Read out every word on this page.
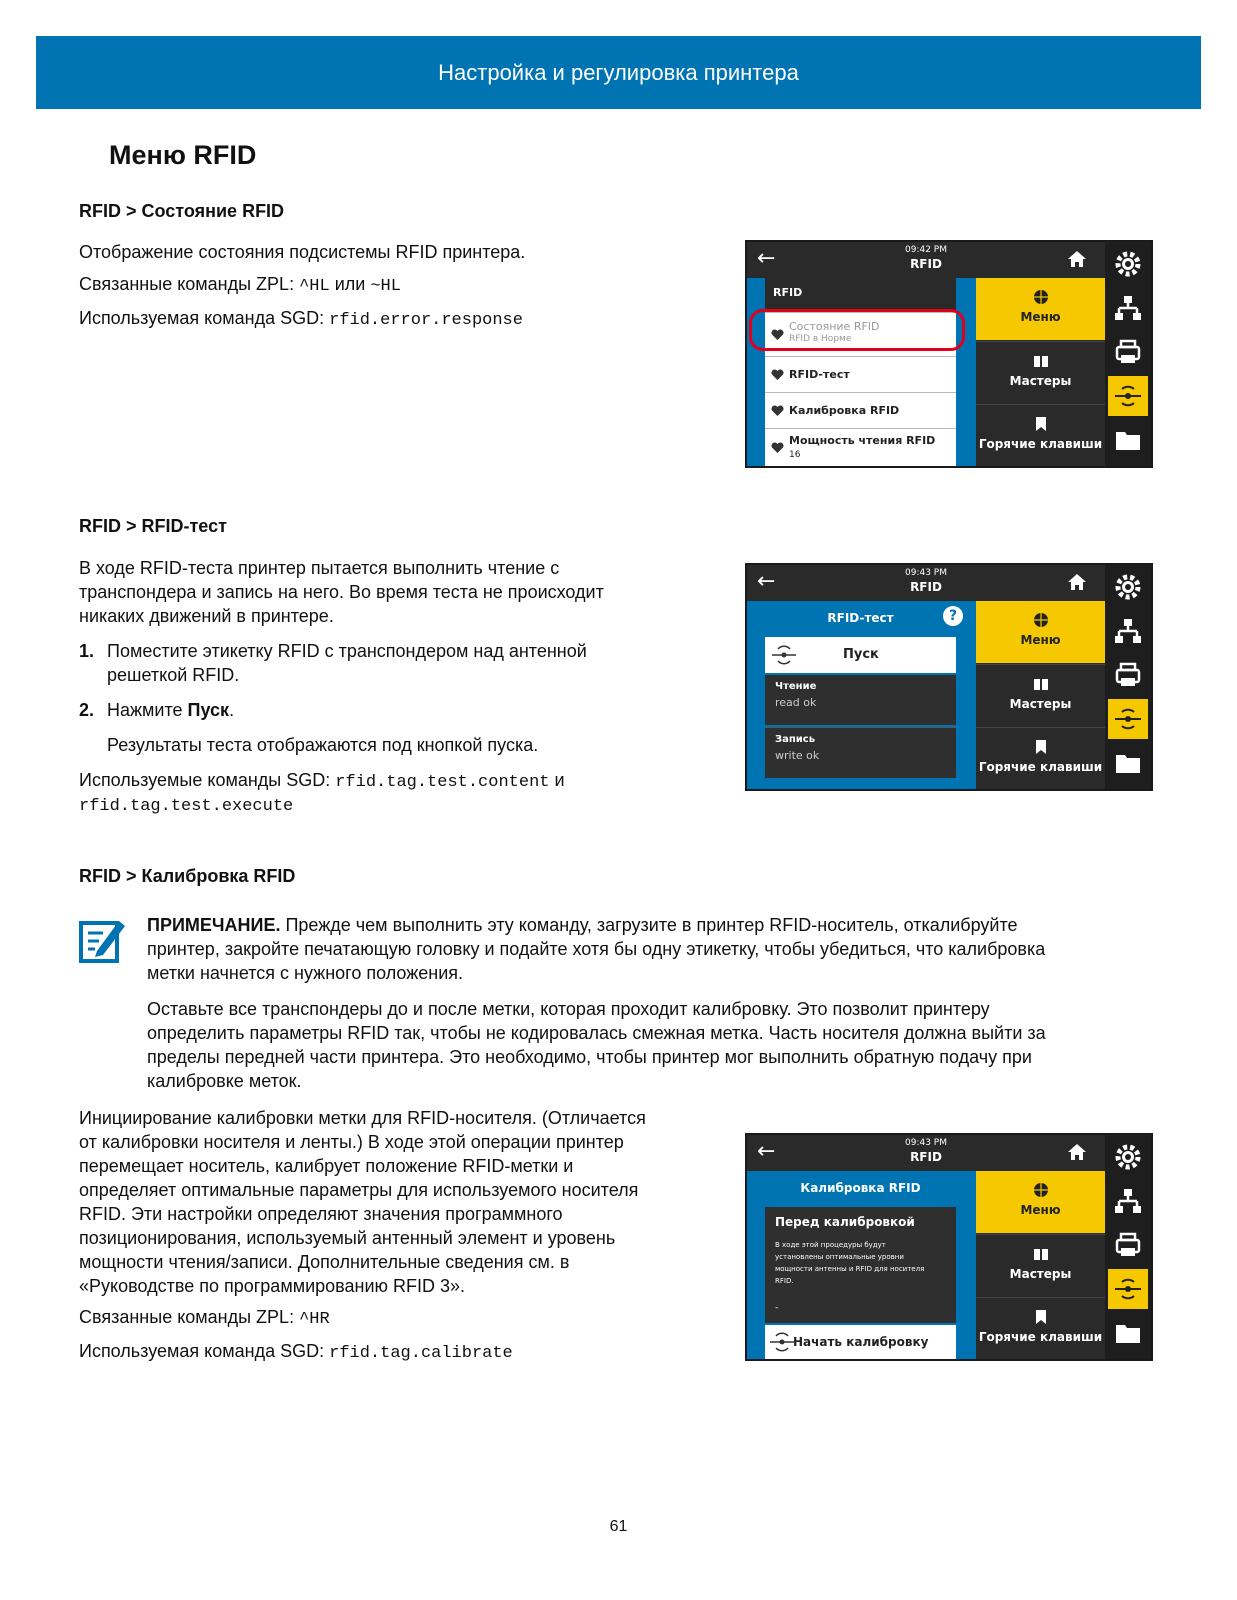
Настройка и регулировка принтера
Меню RFID
RFID > Состояние RFID

Отображение состояния подсистемы RFID принтера.

Связанные команды ZPL: ^HL или ~HL

Используемая команда SGD: rfid.error.response

←	09:42 PM
RFID
RFID
Состояние RFID
RFID в Норме
RFID-тест
Калибровка RFID
Мощность чтения RFID
16
Меню
Мастеры
Горячие клавиши
RFID > RFID-тест

В ходе RFID-теста принтер пытается выполнить чтение с

транспондера и запись на него. Во время теста не происходит

никаких движений в принтере.

1. Поместите этикетку RFID с транспондером над антенной

решеткой RFID.

2. Нажмите Пуск.

Результаты теста отображаются под кнопкой пуска.

Используемые команды SGD: rfid.tag.test.content и

rfid.tag.test.execute

←	09:43 PM
RFID
RFID-тест	?
Пуск
Чтение
read ok
Запись
write ok
Меню
Мастеры
Горячие клавиши
RFID > Калибровка RFID

ПРИМЕЧАНИЕ. Прежде чем выполнить эту команду, загрузите в принтер RFID-носитель, откалибруйте

принтер, закройте печатающую головку и подайте хотя бы одну этикетку, чтобы убедиться, что калибровка

метки начнется с нужного положения.

Оставьте все транспондеры до и после метки, которая проходит калибровку. Это позволит принтеру

определить параметры RFID так, чтобы не кодировалась смежная метка. Часть носителя должна выйти за

пределы передней части принтера. Это необходимо, чтобы принтер мог выполнить обратную подачу при

калибровке меток.

Инициирование калибровки метки для RFID-носителя. (Отличается

от калибровки носителя и ленты.) В ходе этой операции принтер

перемещает носитель, калибрует положение RFID-метки и

определяет оптимальные параметры для используемого носителя

RFID. Эти настройки определяют значения программного

позиционирования, используемый антенный элемент и уровень

мощности чтения/записи. Дополнительные сведения см. в

«Руководстве по программированию RFID 3».

Связанные команды ZPL: ^HR

Используемая команда SGD: rfid.tag.calibrate

←	09:43 PM
RFID
Калибровка RFID
Перед калибровкой
В ходе этой процедуры будут
установлены оптимальные уровни
мощности антенны и RFID для носителя
RFID.
-
Начать калибровку
Меню
Мастеры
Горячие клавиши
61
